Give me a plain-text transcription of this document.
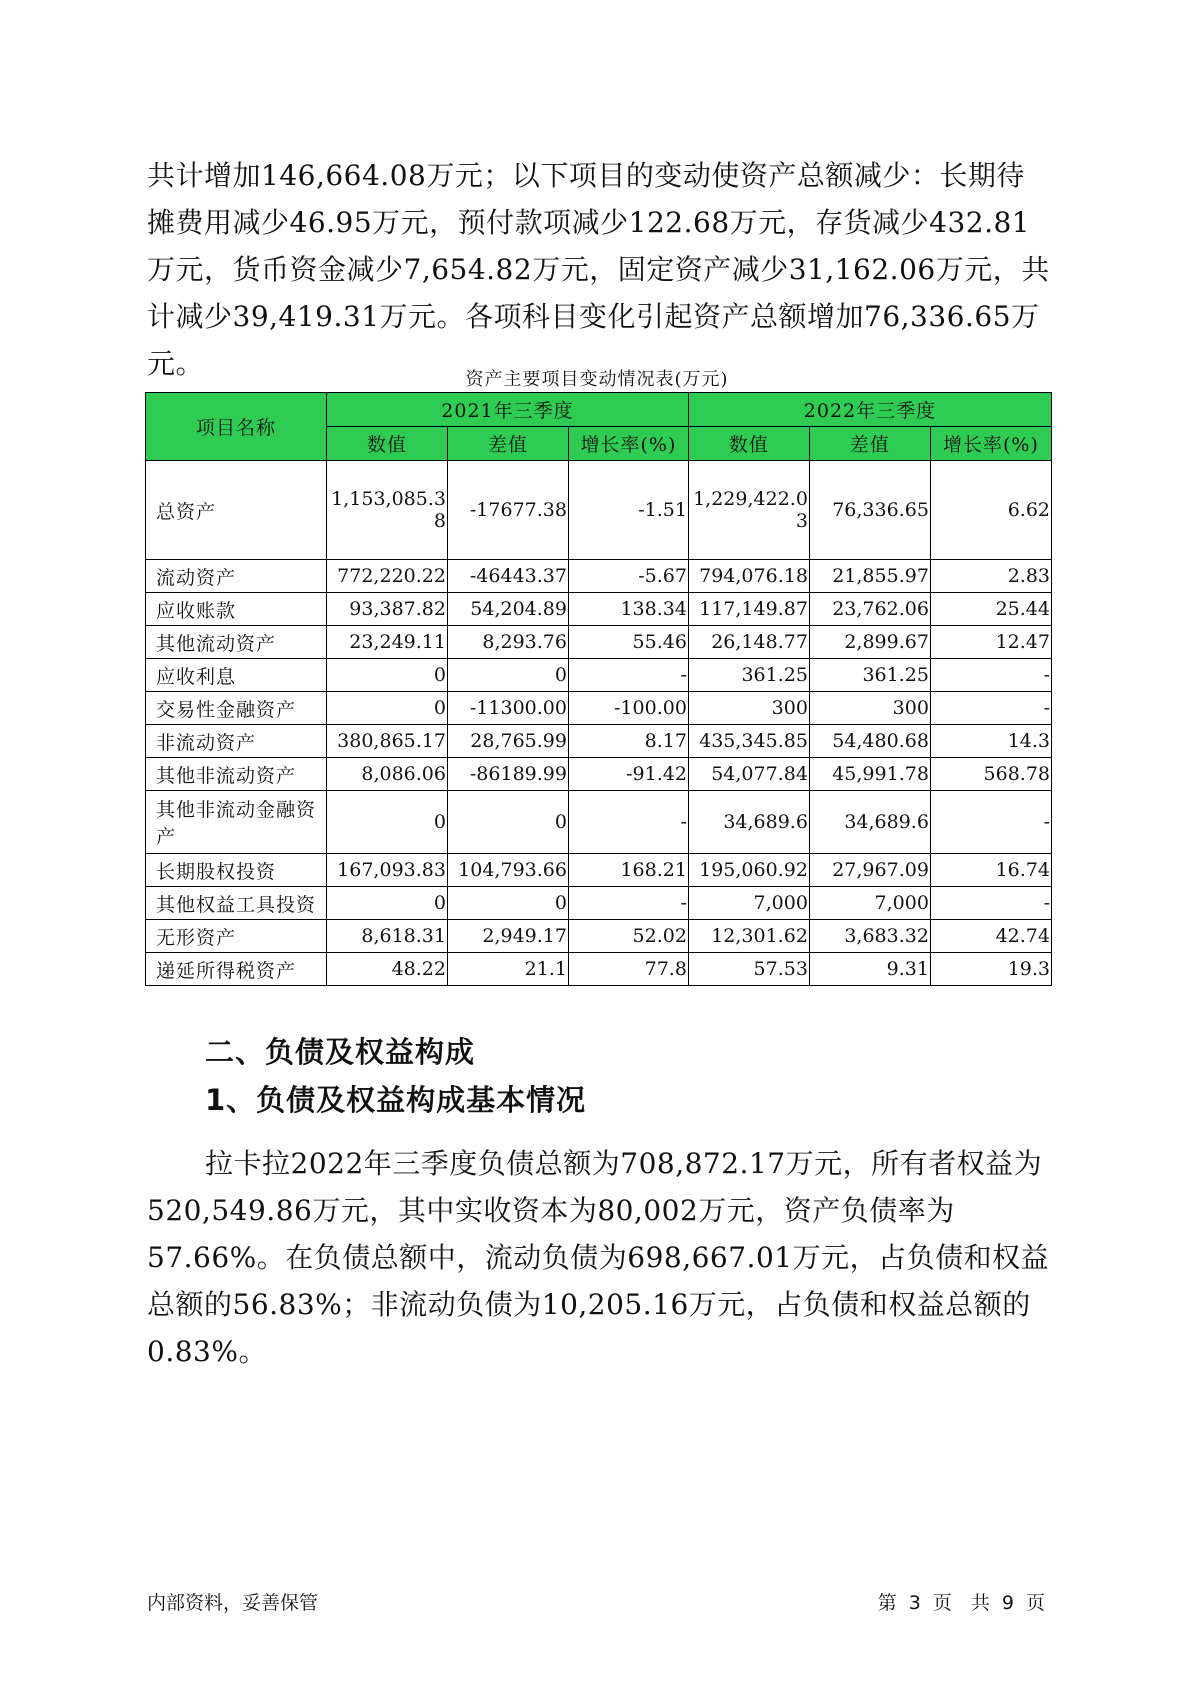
共计增加146,664.08万元；以下项目的变动使资产总额减少：长期待摊费用减少46.95万元，预付款项减少122.68万元，存货减少432.81万元，货币资金减少7,654.82万元，固定资产减少31,162.06万元，共计减少39,419.31万元。各项科目变化引起资产总额增加76,336.65万元。	资产主要项目变动情况表(万元)
项目名称	2021年三季度			2022年三季度		
	数值	差值	增长率(%)	数值	差值	增长率(%)
总资产	1,153,085.38	-17677.38	-1.51	1,229,422.03	76,336.65	6.62
流动资产	772,220.22	-46443.37	-5.67	794,076.18	21,855.97	2.83
应收账款	93,387.82	54,204.89	138.34	117,149.87	23,762.06	25.44
其他流动资产	23,249.11	8,293.76	55.46	26,148.77	2,899.67	12.47
应收利息	0	0	-	361.25	361.25	-
交易性金融资产	0	-11300.00	-100.00	300	300	-
非流动资产	380,865.17	28,765.99	8.17	435,345.85	54,480.68	14.3
其他非流动资产	8,086.06	-86189.99	-91.42	54,077.84	45,991.78	568.78
其他非流动金融资产	0	0	-	34,689.6	34,689.6	-
长期股权投资	167,093.83	104,793.66	168.21	195,060.92	27,967.09	16.74
其他权益工具投资	0	0	-	7,000	7,000	-
无形资产	8,618.31	2,949.17	52.02	12,301.62	3,683.32	42.74
递延所得税资产	48.22	21.1	77.8	57.53	9.31	19.3
二、负债及权益构成
1、负债及权益构成基本情况

拉卡拉2022年三季度负债总额为708,872.17万元，所有者权益为520,549.86万元，其中实收资本为80,002万元，资产负债率为57.66%。在负债总额中，流动负债为698,667.01万元，占负债和权益总额的56.83%；非流动负债为10,205.16万元，占负债和权益总额的0.83%。

内部资料，妥善保管	第 3 页　共 9 页
